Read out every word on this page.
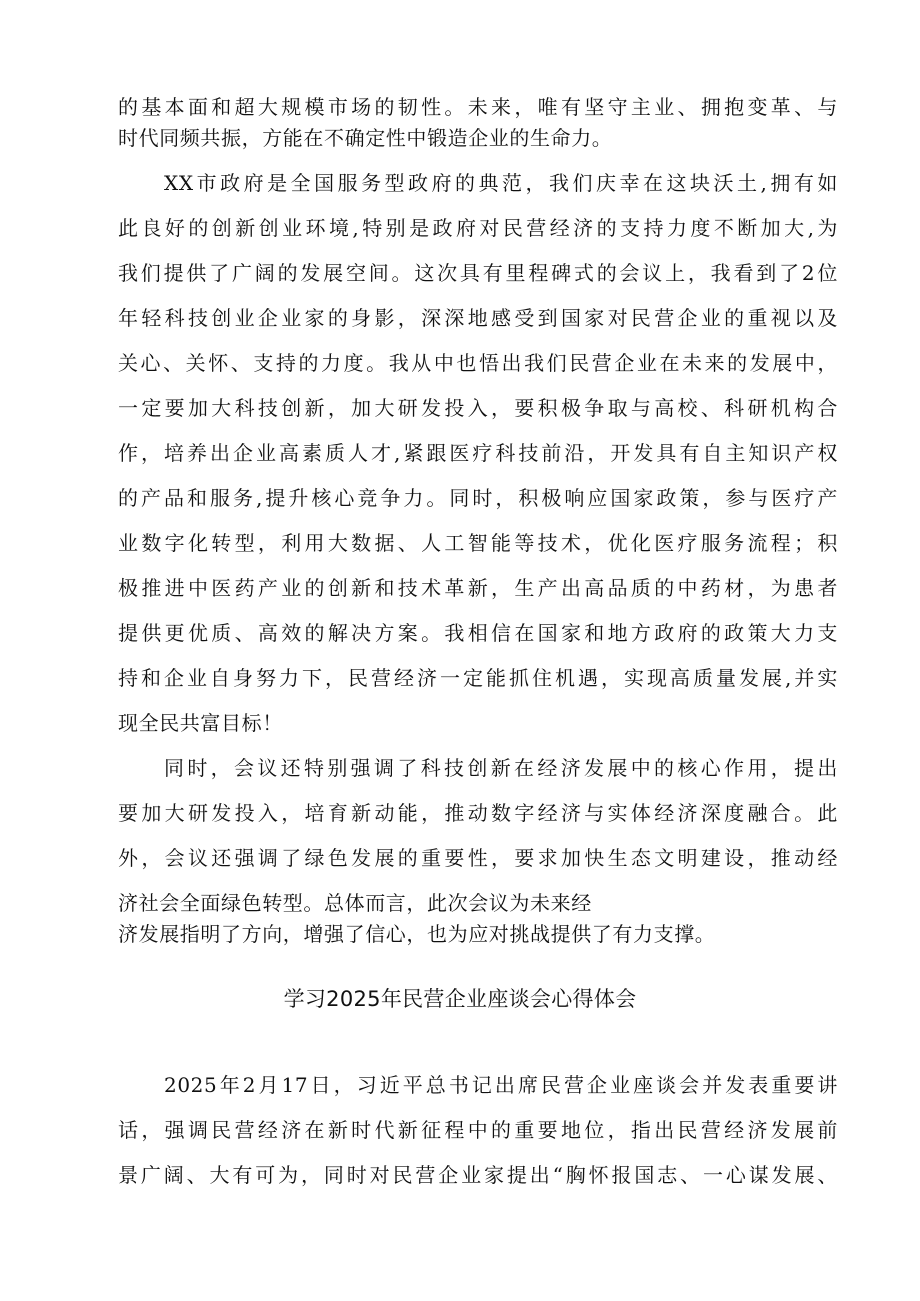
的基本面和超大规模市场的韧性。未来，唯有坚守主业、拥抱变革、与
时代同频共振，方能在不确定性中锻造企业的生命力。
XX市政府是全国服务型政府的典范，我们庆幸在这块沃土,拥有如
此良好的创新创业环境,特别是政府对民营经济的支持力度不断加大,为
我们提供了广阔的发展空间。这次具有里程碑式的会议上，我看到了2位
年轻科技创业企业家的身影，深深地感受到国家对民营企业的重视以及
关心、关怀、支持的力度。我从中也悟出我们民营企业在未来的发展中，
一定要加大科技创新，加大研发投入，要积极争取与高校、科研机构合
作，培养出企业高素质人才,紧跟医疗科技前沿，开发具有自主知识产权
的产品和服务,提升核心竞争力。同时，积极响应国家政策，参与医疗产
业数字化转型，利用大数据、人工智能等技术，优化医疗服务流程；积
极推进中医药产业的创新和技术革新，生产出高品质的中药材，为患者
提供更优质、高效的解决方案。我相信在国家和地方政府的政策大力支
持和企业自身努力下，民营经济一定能抓住机遇，实现高质量发展,并实
现全民共富目标！
同时，会议还特别强调了科技创新在经济发展中的核心作用，提出
要加大研发投入，培育新动能，推动数字经济与实体经济深度融合。此
外，会议还强调了绿色发展的重要性，要求加快生态文明建设，推动经
济社会全面绿色转型。总体而言，此次会议为未来经
济发展指明了方向，增强了信心，也为应对挑战提供了有力支撑。
学习2025年民营企业座谈会心得体会
2025年2月17日，习近平总书记出席民营企业座谈会并发表重要讲
话，强调民营经济在新时代新征程中的重要地位，指出民营经济发展前
景广阔、大有可为，同时对民营企业家提出“胸怀报国志、一心谋发展、
